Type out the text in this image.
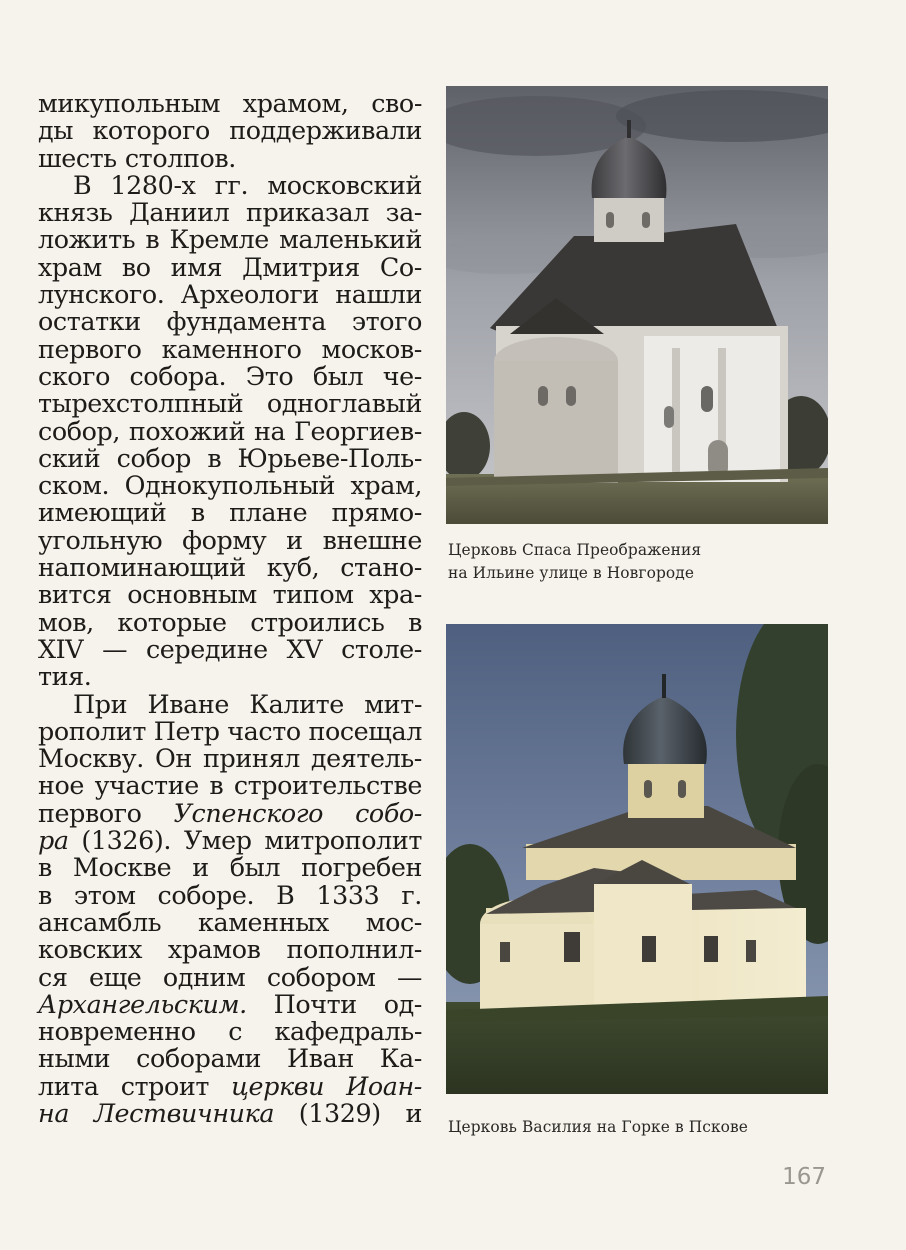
микупольным храмом, сво-
ды которого поддерживали
шесть столпов.
В 1280-х гг. московский
князь Даниил приказал за-
ложить в Кремле маленький
храм во имя Дмитрия Со-
лунского. Археологи нашли
остатки фундамента этого
первого каменного москов-
ского собора. Это был че-
тырехстолпный одноглавый
собор, похожий на Георгиев-
ский собор в Юрьеве-Поль-
ском. Однокупольный храм,
имеющий в плане прямо-
угольную форму и внешне
напоминающий куб, стано-
вится основным типом хра-
мов, которые строились в
XIV — середине XV столе-
тия.
При Иване Калите мит-
рополит Петр часто посещал
Москву. Он принял деятель-
ное участие в строительстве
первого Успенского собо-
ра (1326). Умер митрополит
в Москве и был погребен
в этом соборе. В 1333 г.
ансамбль каменных мос-
ковских храмов пополнил-
ся еще одним собором —
Архангельским. Почти од-
новременно с кафедраль-
ными соборами Иван Ка-
лита строит церкви Иоан-
на Лествичника (1329) и
Церковь Спаса Преображения
на Ильине улице в Новгороде
Церковь Василия на Горке в Пскове
167
